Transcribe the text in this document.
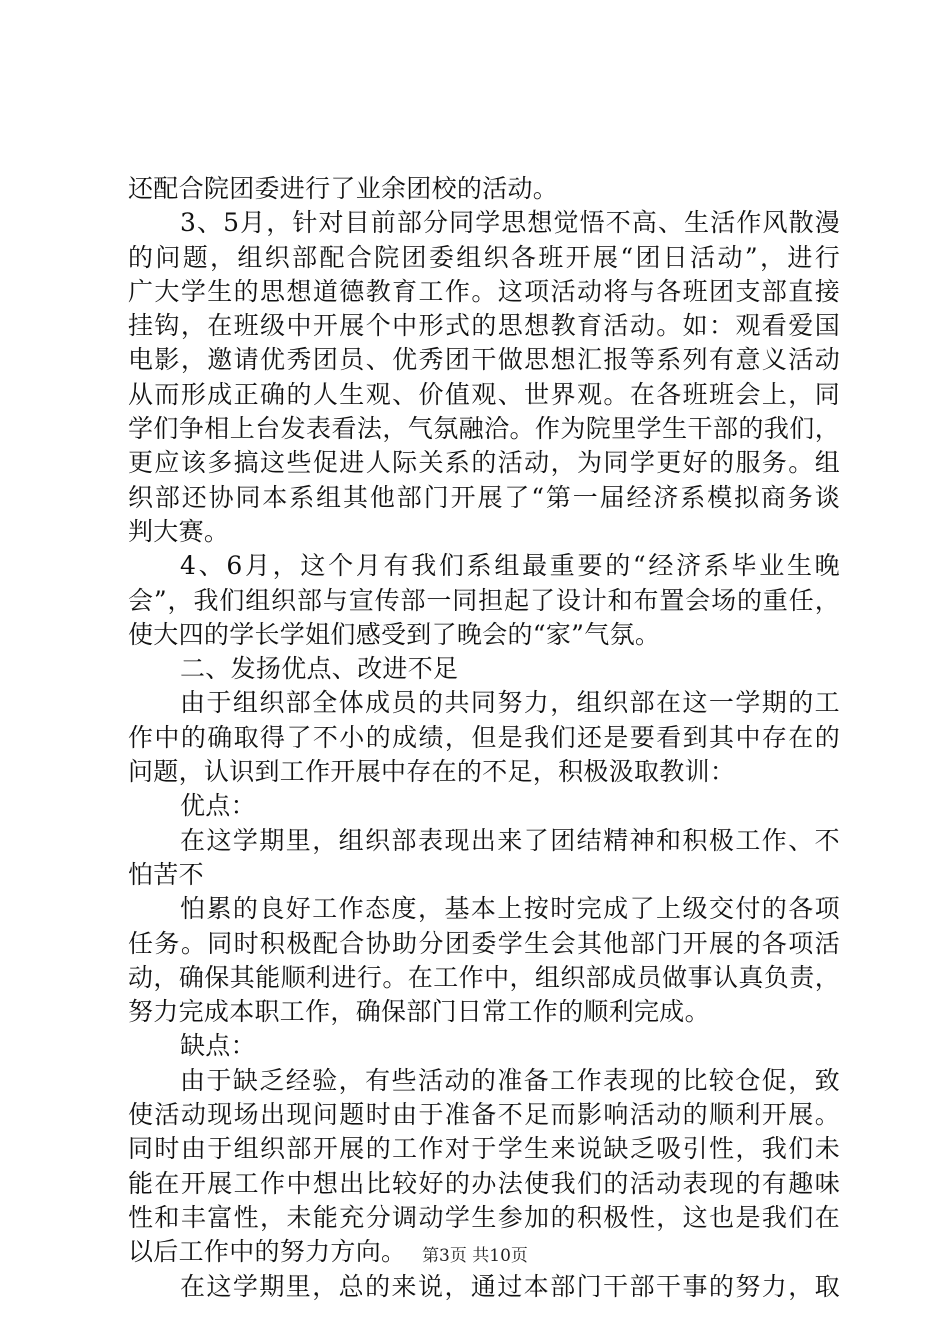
还配合院团委进行了业余团校的活动。
3、5月，针对目前部分同学思想觉悟不高、生活作风散漫
的问题，组织部配合院团委组织各班开展“团日活动”，进行
广大学生的思想道德教育工作。这项活动将与各班团支部直接
挂钩，在班级中开展个中形式的思想教育活动。如：观看爱国
电影，邀请优秀团员、优秀团干做思想汇报等系列有意义活动
从而形成正确的人生观、价值观、世界观。在各班班会上，同
学们争相上台发表看法，气氛融洽。作为院里学生干部的我们，
更应该多搞这些促进人际关系的活动，为同学更好的服务。组
织部还协同本系组其他部门开展了“第一届经济系模拟商务谈
判大赛。
4、6月，这个月有我们系组最重要的“经济系毕业生晚
会”，我们组织部与宣传部一同担起了设计和布置会场的重任，
使大四的学长学姐们感受到了晚会的“家”气氛。
二、发扬优点、改进不足
由于组织部全体成员的共同努力，组织部在这一学期的工
作中的确取得了不小的成绩，但是我们还是要看到其中存在的
问题，认识到工作开展中存在的不足，积极汲取教训：
优点：
在这学期里，组织部表现出来了团结精神和积极工作、不
怕苦不
怕累的良好工作态度，基本上按时完成了上级交付的各项
任务。同时积极配合协助分团委学生会其他部门开展的各项活
动，确保其能顺利进行。在工作中，组织部成员做事认真负责，
努力完成本职工作，确保部门日常工作的顺利完成。
缺点：
由于缺乏经验，有些活动的准备工作表现的比较仓促，致
使活动现场出现问题时由于准备不足而影响活动的顺利开展。
同时由于组织部开展的工作对于学生来说缺乏吸引性，我们未
能在开展工作中想出比较好的办法使我们的活动表现的有趣味
性和丰富性，未能充分调动学生参加的积极性，这也是我们在
以后工作中的努力方向。
在这学期里，总的来说，通过本部门干部干事的努力，取
第3页 共10页
